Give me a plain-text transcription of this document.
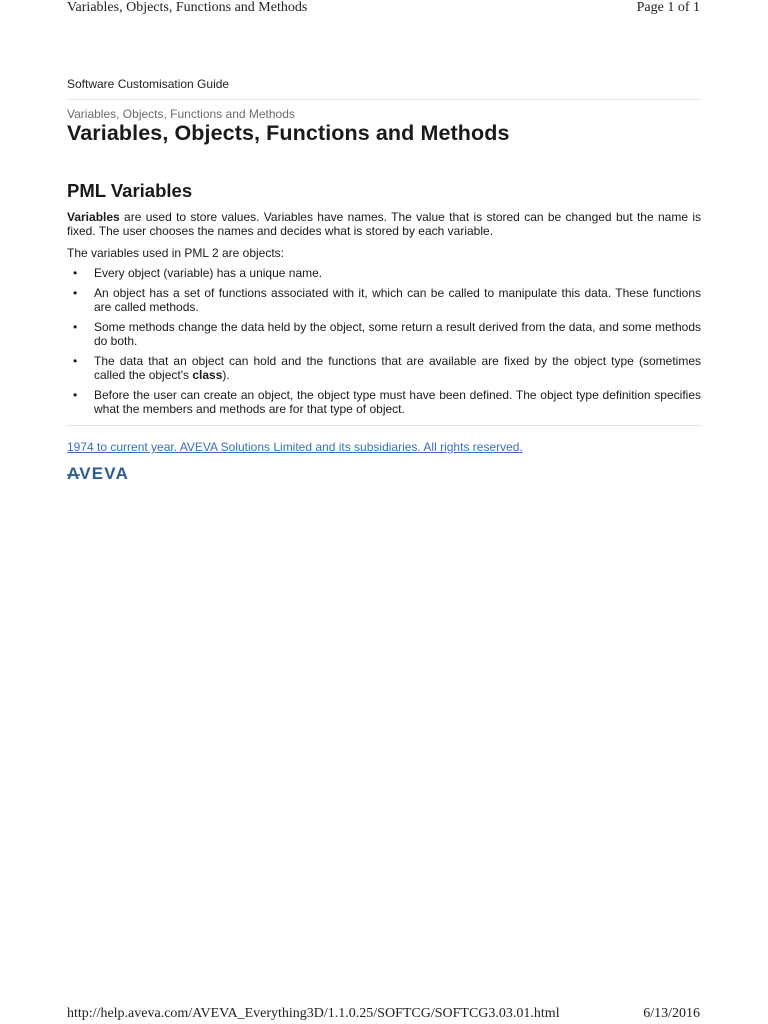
Variables, Objects, Functions and Methods	Page 1 of 1
Software Customisation Guide
Variables, Objects, Functions and Methods
Variables, Objects, Functions and Methods
PML Variables

Variables are used to store values. Variables have names. The value that is stored can be changed but the name is fixed. The user chooses the names and decides what is stored by each variable.

The variables used in PML 2 are objects:

• Every object (variable) has a unique name.
• An object has a set of functions associated with it, which can be called to manipulate this data. These functions are called methods.
• Some methods change the data held by the object, some return a result derived from the data, and some methods do both.
• The data that an object can hold and the functions that are available are fixed by the object type (sometimes called the object's class).
• Before the user can create an object, the object type must have been defined. The object type definition specifies what the members and methods are for that type of object.
1974 to current year. AVEVA Solutions Limited and its subsidiaries. All rights reserved.
AVEVA
http://help.aveva.com/AVEVA_Everything3D/1.1.0.25/SOFTCG/SOFTCG3.03.01.html	6/13/2016
